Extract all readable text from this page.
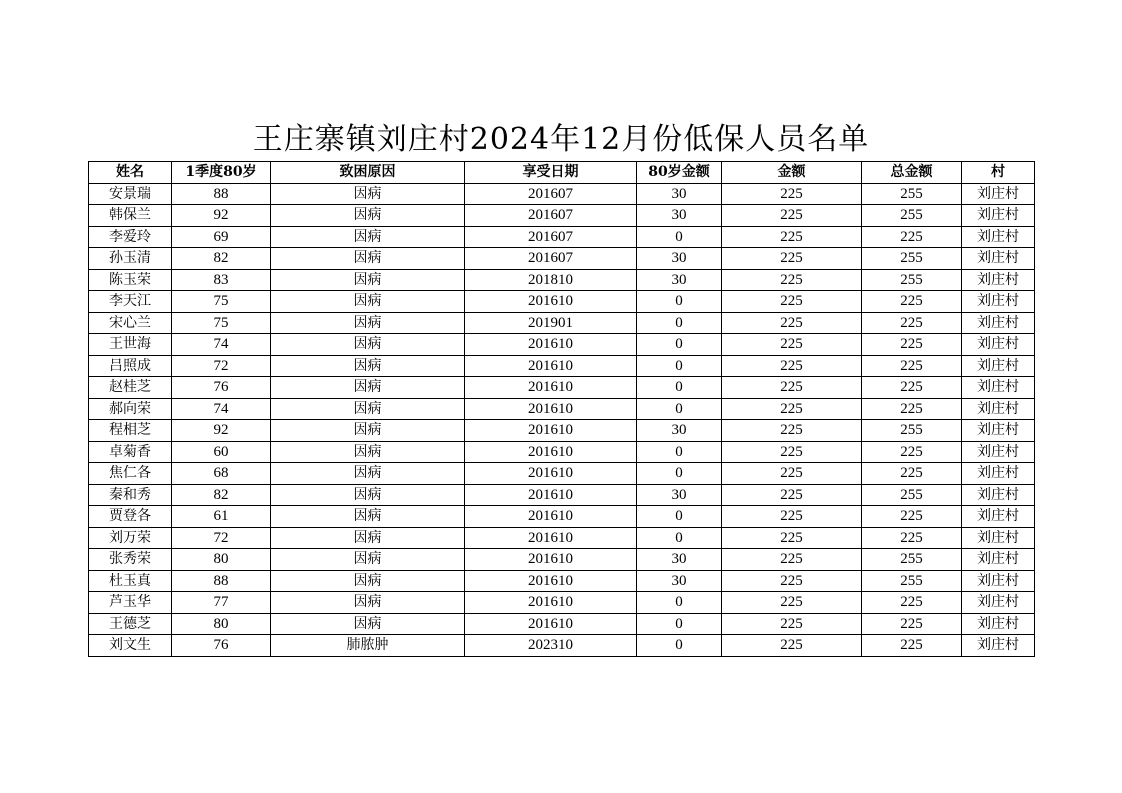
王庄寨镇刘庄村2024年12月份低保人员名单
姓名	1季度80岁	致困原因	享受日期	80岁金额	金额	总金额	村
安景瑞	88	因病	201607	30	225	255	刘庄村
韩保兰	92	因病	201607	30	225	255	刘庄村
李爱玲	69	因病	201607	0	225	225	刘庄村
孙玉清	82	因病	201607	30	225	255	刘庄村
陈玉荣	83	因病	201810	30	225	255	刘庄村
李天江	75	因病	201610	0	225	225	刘庄村
宋心兰	75	因病	201901	0	225	225	刘庄村
王世海	74	因病	201610	0	225	225	刘庄村
吕照成	72	因病	201610	0	225	225	刘庄村
赵桂芝	76	因病	201610	0	225	225	刘庄村
郝向荣	74	因病	201610	0	225	225	刘庄村
程相芝	92	因病	201610	30	225	255	刘庄村
卓菊香	60	因病	201610	0	225	225	刘庄村
焦仁各	68	因病	201610	0	225	225	刘庄村
秦和秀	82	因病	201610	30	225	255	刘庄村
贾登各	61	因病	201610	0	225	225	刘庄村
刘万荣	72	因病	201610	0	225	225	刘庄村
张秀荣	80	因病	201610	30	225	255	刘庄村
杜玉真	88	因病	201610	30	225	255	刘庄村
芦玉华	77	因病	201610	0	225	225	刘庄村
王德芝	80	因病	201610	0	225	225	刘庄村
刘文生	76	肺脓肿	202310	0	225	225	刘庄村
